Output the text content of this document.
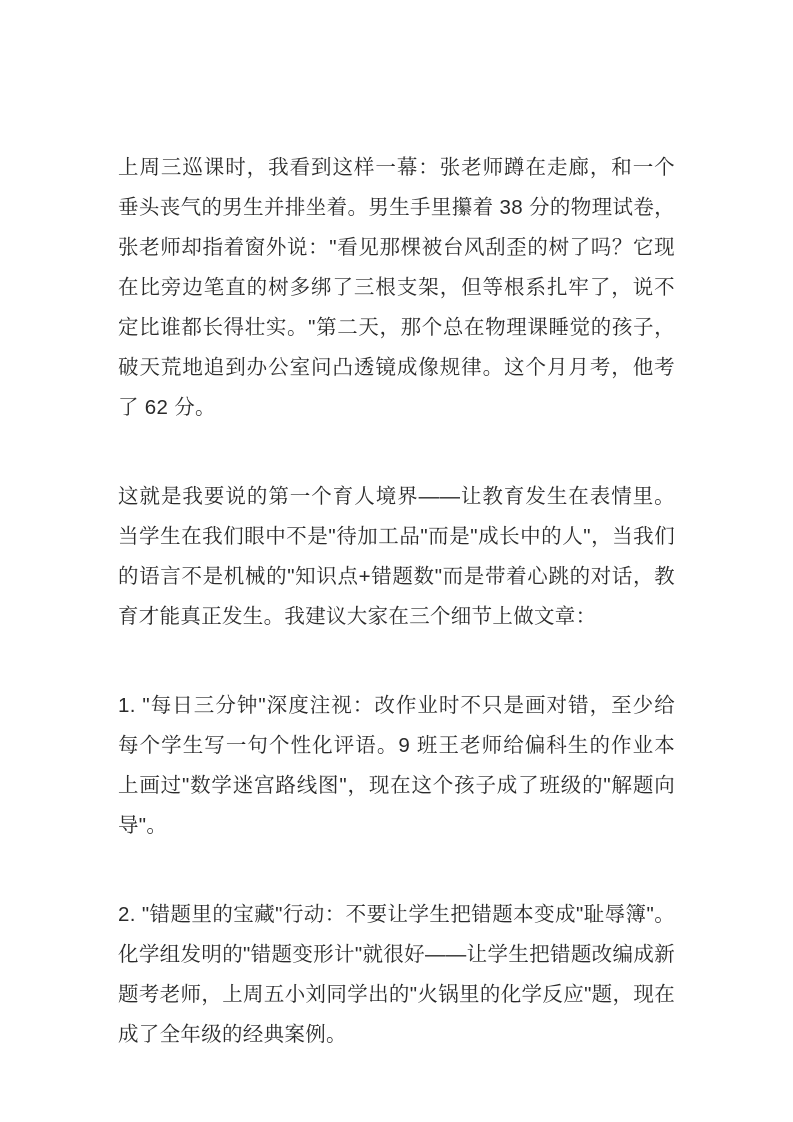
上周三巡课时，我看到这样一幕：张老师蹲在走廊，和一个垂头丧气的男生并排坐着。男生手里攥着 38 分的物理试卷，张老师却指着窗外说："看见那棵被台风刮歪的树了吗？它现在比旁边笔直的树多绑了三根支架，但等根系扎牢了，说不定比谁都长得壮实。"第二天，那个总在物理课睡觉的孩子，破天荒地追到办公室问凸透镜成像规律。这个月月考，他考了 62 分。

这就是我要说的第一个育人境界——让教育发生在表情里。当学生在我们眼中不是"待加工品"而是"成长中的人"，当我们的语言不是机械的"知识点+错题数"而是带着心跳的对话，教育才能真正发生。我建议大家在三个细节上做文章：

1. "每日三分钟"深度注视：改作业时不只是画对错，至少给每个学生写一句个性化评语。9 班王老师给偏科生的作业本上画过"数学迷宫路线图"，现在这个孩子成了班级的"解题向导"。

2. "错题里的宝藏"行动：不要让学生把错题本变成"耻辱簿"。化学组发明的"错题变形计"就很好——让学生把错题改编成新题考老师，上周五小刘同学出的"火锅里的化学反应"题，现在成了全年级的经典案例。
